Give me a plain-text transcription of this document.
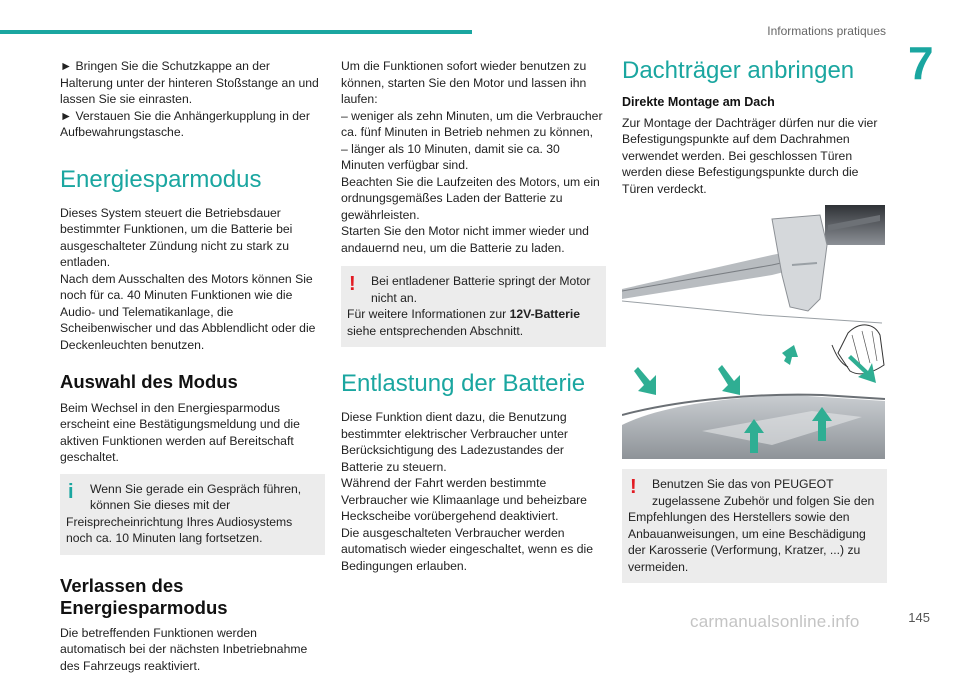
Informations pratiques
7

► Bringen Sie die Schutzkappe an der Halterung unter der hinteren Stoßstange an und lassen Sie sie einrasten.

► Verstauen Sie die Anhängerkupplung in der Aufbewahrungstasche.

Energiesparmodus

Dieses System steuert die Betriebsdauer bestimmter Funktionen, um die Batterie bei ausgeschalteter Zündung nicht zu stark zu entladen.

Nach dem Ausschalten des Motors können Sie noch für ca. 40 Minuten Funktionen wie die Audio- und Telematikanlage, die Scheibenwischer und das Abblendlicht oder die Deckenleuchten benutzen.

Auswahl des Modus

Beim Wechsel in den Energiesparmodus erscheint eine Bestätigungsmeldung und die aktiven Funktionen werden auf Bereitschaft geschaltet.

i	Wenn Sie gerade ein Gespräch führen, können Sie dieses mit der

Freisprecheinrichtung Ihres Audiosystems noch ca. 10 Minuten lang fortsetzen.

Verlassen des Energiesparmodus

Die betreffenden Funktionen werden automatisch bei der nächsten Inbetriebnahme des Fahrzeugs reaktiviert.

Um die Funktionen sofort wieder benutzen zu können, starten Sie den Motor und lassen ihn laufen:

– weniger als zehn Minuten, um die Verbraucher ca. fünf Minuten in Betrieb nehmen zu können,

– länger als 10 Minuten, damit sie ca. 30 Minuten verfügbar sind.

Beachten Sie die Laufzeiten des Motors, um ein ordnungsgemäßes Laden der Batterie zu gewährleisten.

Starten Sie den Motor nicht immer wieder und andauernd neu, um die Batterie zu laden.

!	Bei entladener Batterie springt der Motor nicht an.

Für weitere Informationen zur 12V-Batterie siehe entsprechenden Abschnitt.

Entlastung der Batterie

Diese Funktion dient dazu, die Benutzung bestimmter elektrischer Verbraucher unter Berücksichtigung des Ladezustandes der Batterie zu steuern.

Während der Fahrt werden bestimmte Verbraucher wie Klimaanlage und beheizbare Heckscheibe vorübergehend deaktiviert.

Die ausgeschalteten Verbraucher werden automatisch wieder eingeschaltet, wenn es die Bedingungen erlauben.

Dachträger anbringen

Direkte Montage am Dach

Zur Montage der Dachträger dürfen nur die vier Befestigungspunkte auf dem Dachrahmen verwendet werden. Bei geschlossen Türen werden diese Befestigungspunkte durch die Türen verdeckt.

!	Benutzen Sie das von PEUGEOT zugelassene Zubehör und folgen Sie den

Empfehlungen des Herstellers sowie den Anbauanweisungen, um eine Beschädigung der Karosserie (Verformung, Kratzer, ...) zu vermeiden.

carmanualsonline.info	145
